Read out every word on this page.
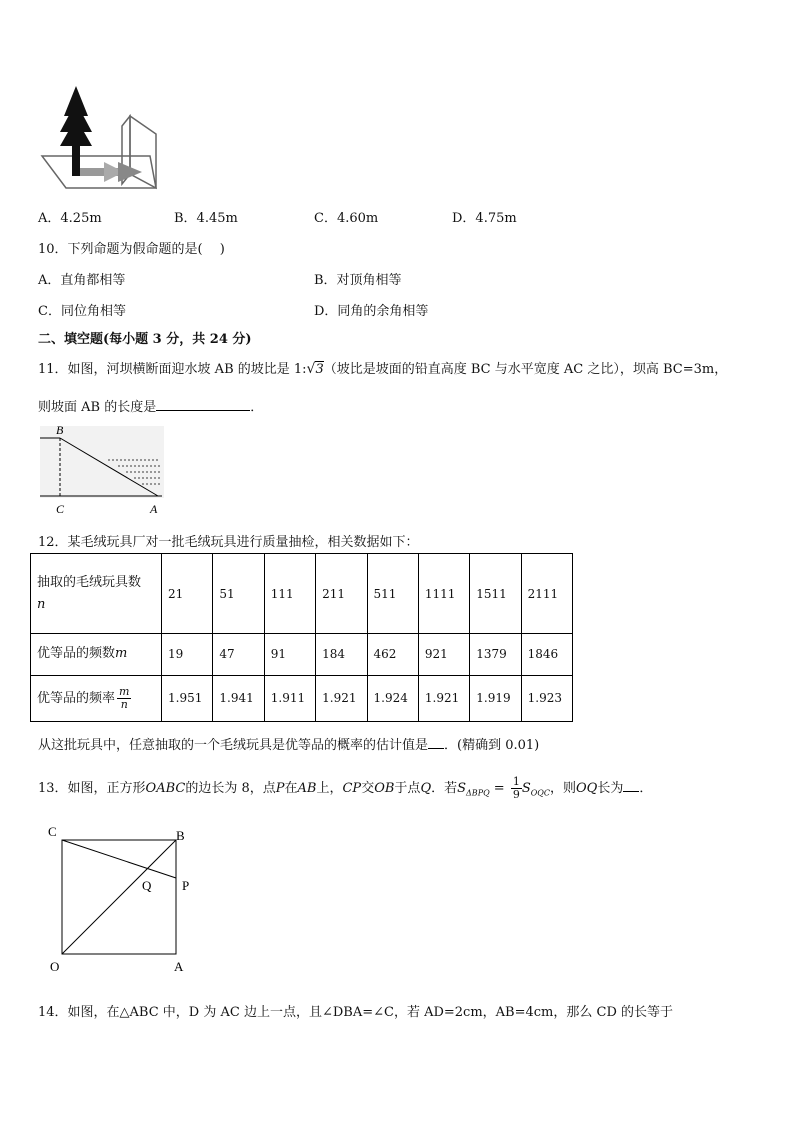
A．4.25m	B．4.45m	C．4.60m	D．4.75m
10．下列命题为假命题的是(　 )
A．直角都相等	B．对顶角相等
C．同位角相等	D．同角的余角相等
二、填空题(每小题 3 分，共 24 分)
11．如图，河坝横断面迎水坡 AB 的坡比是 1:√3（坡比是坡面的铅直高度 BC 与水平宽度 AC 之比），坝高 BC=3m，
则坡面 AB 的长度是	．
B
C	A
12．某毛绒玩具厂对一批毛绒玩具进行质量抽检，相关数据如下：
抽取的毛绒玩具数
n	21	51	111	211	511	1111	1511	2111
优等品的频数m	19	47	91	184	462	921	1379	1846
优等品的频率 $\frac{m}{n}$	1.951	1.941	1.911	1.921	1.924	1.921	1.919	1.923
从这批玩具中，任意抽取的一个毛绒玩具是优等品的概率的估计值是 ．(精确到 0.01)
13．如图，正方形OABC的边长为 8，点P在AB上，CP交OB于点Q．若$S_{\Delta BPQ} = \frac{1}{9} S_{OQC}$，则OQ长为 ．
C	B
Q P
O	A
14．如图，在△ABC 中，D 为 AC 边上一点，且∠DBA=∠C，若 AD=2cm，AB=4cm，那么 CD 的长等于
